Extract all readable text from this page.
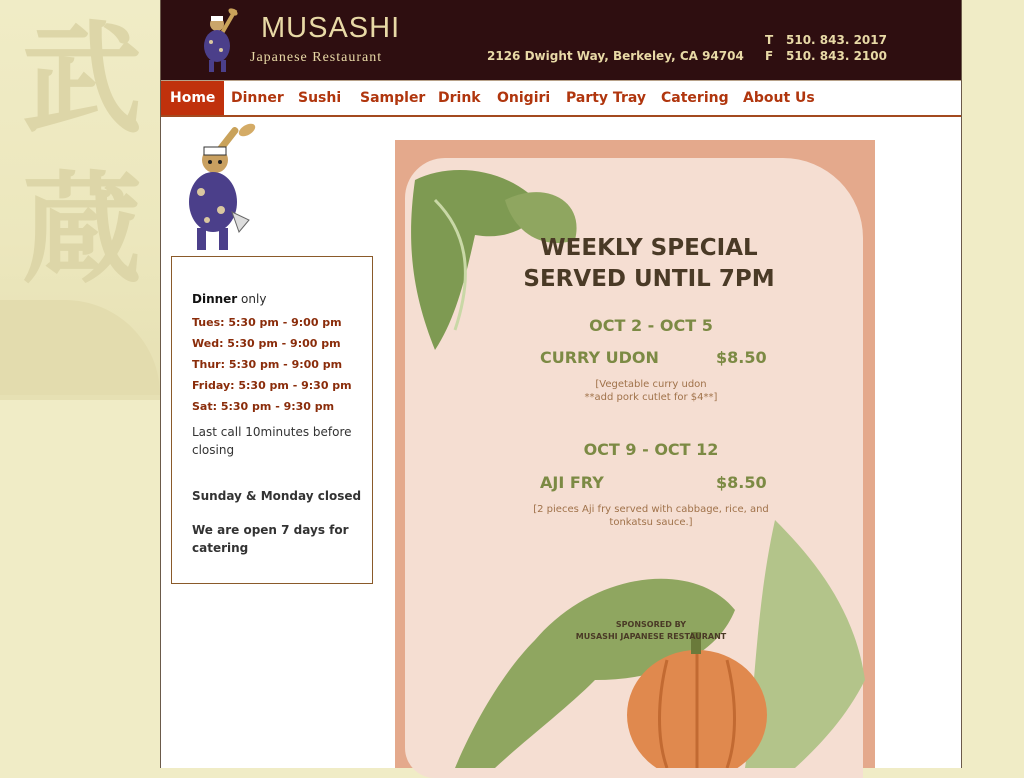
武
蔵
MUSASHI
Japanese Restaurant	2126 Dwight Way, Berkeley, CA 94704
T 510. 843. 2017
F 510. 843. 2100
Home	Dinner Sushi Sampler Drink Onigiri Party Tray Catering About Us
Dinner only
Tues: 5:30 pm - 9:00 pm
Wed: 5:30 pm - 9:00 pm
Thur: 5:30 pm - 9:00 pm
Friday: 5:30 pm - 9:30 pm
Sat: 5:30 pm - 9:30 pm
Last call 10minutes before closing
Sunday & Monday closed
We are open 7 days for catering
WEEKLY SPECIAL
SERVED UNTIL 7PM
OCT 2 - OCT 5
CURRY UDON	$8.50
[Vegetable curry udon
**add pork cutlet for $4**]
OCT 9 - OCT 12
AJI FRY	$8.50
[2 pieces Aji fry served with cabbage, rice, and
tonkatsu sauce.]
SPONSORED BY
MUSASHI JAPANESE RESTAURANT
